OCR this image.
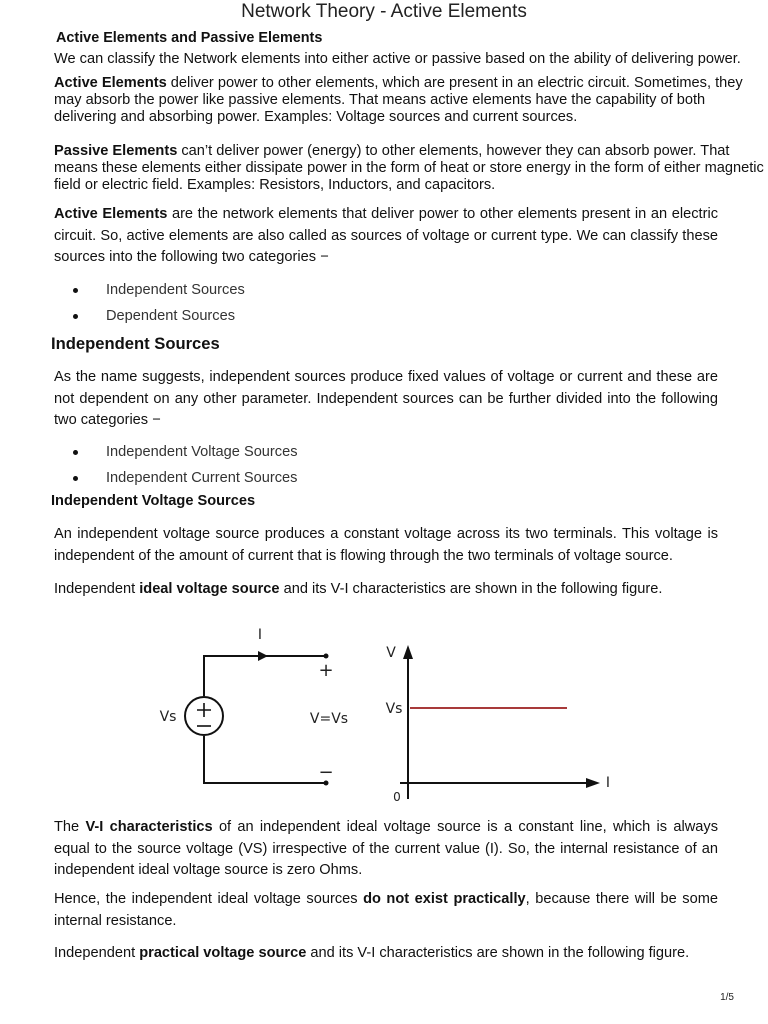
Network Theory - Active Elements
Active Elements and Passive Elements
We can classify the Network elements into either active or passive based on the ability of delivering power.
Active Elements deliver power to other elements, which are present in an electric circuit. Sometimes, they may absorb the power like passive elements. That means active elements have the capability of both delivering and absorbing power. Examples: Voltage sources and current sources.
Passive Elements can’t deliver power (energy) to other elements, however they can absorb power. That means these elements either dissipate power in the form of heat or store energy in the form of either magnetic field or electric field. Examples: Resistors, Inductors, and capacitors.
Active Elements are the network elements that deliver power to other elements present in an electric circuit. So, active elements are also called as sources of voltage or current type. We can classify these sources into the following two categories −
Independent Sources
Dependent Sources
Independent Sources
As the name suggests, independent sources produce fixed values of voltage or current and these are not dependent on any other parameter. Independent sources can be further divided into the following two categories −
Independent Voltage Sources
Independent Current Sources
Independent Voltage Sources
An independent voltage source produces a constant voltage across its two terminals. This voltage is independent of the amount of current that is flowing through the two terminals of voltage source.
Independent ideal voltage source and its V-I characteristics are shown in the following figure.
I
+
−
Vs	V=Vs
V
Vs
0
I
The V-I characteristics of an independent ideal voltage source is a constant line, which is always equal to the source voltage (VS) irrespective of the current value (I). So, the internal resistance of an independent ideal voltage source is zero Ohms.
Hence, the independent ideal voltage sources do not exist practically, because there will be some internal resistance.
Independent practical voltage source and its V-I characteristics are shown in the following figure.
1/5
